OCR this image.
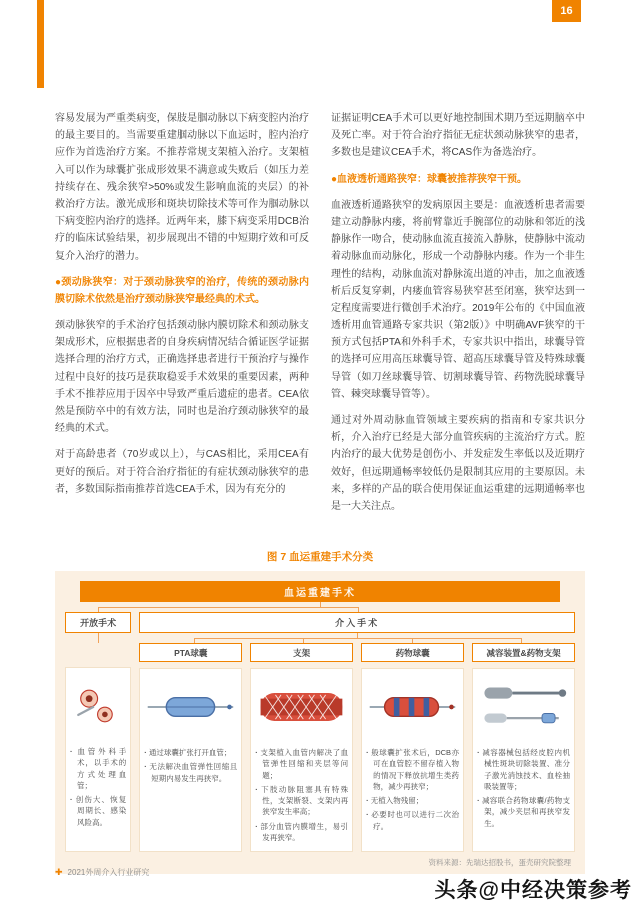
16

容易发展为严重类病变，保肢是腘动脉以下病变腔内治疗的最主要目的。当需要重建腘动脉以下血运时，腔内治疗应作为首选治疗方案。不推荐常规支架植入治疗。支架植入可以作为球囊扩张成形效果不满意或失败后（如压力差持续存在、残余狭窄>50%或发生影响血流的夹层）的补救治疗方法。激光成形和斑块切除技术等可作为腘动脉以下病变腔内治疗的选择。近两年来，膝下病变采用DCB治疗的临床试验结果，初步展现出不错的中短期疗效和可反复介入治疗的潜力。

●颈动脉狭窄：对于颈动脉狭窄的治疗，传统的颈动脉内膜切除术依然是治疗颈动脉狭窄最经典的术式。

颈动脉狭窄的手术治疗包括颈动脉内膜切除术和颈动脉支架成形术，应根据患者的自身疾病情况结合循证医学证据选择合理的治疗方式，正确选择患者进行干预治疗与操作过程中良好的技巧是获取稳妥手术效果的重要因素，两种手术不推荐应用于因卒中导致严重后遗症的患者。CEA依然是预防卒中的有效方法，同时也是治疗颈动脉狭窄的最经典的术式。

对于高龄患者（70岁或以上），与CAS相比，采用CEA有更好的预后。对于符合治疗指征的有症状颈动脉狭窄的患者，多数国际指南推荐首选CEA手术，因为有充分的

证据证明CEA手术可以更好地控制围术期乃至远期脑卒中及死亡率。对于符合治疗指征无症状颈动脉狭窄的患者，多数也是建议CEA手术，将CAS作为备选治疗。

●血液透析通路狭窄：球囊被推荐狭窄干预。

血液透析通路狭窄的发病原因主要是：血液透析患者需要建立动静脉内瘘，将前臂靠近手腕部位的动脉和邻近的浅静脉作一吻合，使动脉血流直接流入静脉，使静脉中流动着动脉血而动脉化，形成一个动静脉内瘘。作为一个非生理性的结构，动脉血流对静脉流出道的冲击，加之血液透析后反复穿刺，内瘘血管容易狭窄甚至闭塞，狭窄达到一定程度需要进行微创手术治疗。2019年公布的《中国血液透析用血管通路专家共识（第2版）》中明确AVF狭窄的干预方式包括PTA和外科手术，专家共识中指出，球囊导管的选择可应用高压球囊导管、超高压球囊导管及特殊球囊导管（如刀丝球囊导管、切割球囊导管、药物洗脱球囊导管、棘突球囊导管等）。

通过对外周动脉血管领域主要疾病的指南和专家共识分析，介入治疗已经是大部分血管疾病的主流治疗方式。腔内治疗的最大优势是创伤小、并发症发生率低以及近期疗效好，但远期通畅率较低仍是限制其应用的主要原因。未来，多样的产品的联合使用保证血运重建的远期通畅率也是一大关注点。

图 7 血运重建手术分类
血运重建手术
开放手术	介入手术
· 血管外科手术，以手术的方式处理血管；
· 创伤大、恢复周期长、感染风险高。
PTA球囊
· 通过球囊扩张打开血管；
· 无法解决血管弹性回缩且短期内易发生再狭窄。
支架
· 支架植入血管内解决了血管弹性回缩和夹层等问题；
· 下肢动脉阻塞具有特殊性，支架断裂、支架内再狭窄发生率高；
· 部分血管内膜增生，易引发再狭窄。
药物球囊
· 般球囊扩张术后，DCB亦可在血管腔不留存植入物的情况下释放抗增生类药物，减少再狭窄；
· 无植入物残留；
· 必要时也可以进行二次治疗。
减容装置&药物支架
· 减容器械包括经皮腔内机械性斑块切除装置、准分子激光消蚀技术、血栓抽吸装置等；
· 减容联合药物球囊/药物支架，减少夹层和再狭窄发生。
资料来源：先瑞达招股书，蛋壳研究院整理
✚ 2021外周介入行业研究
头条@中经决策参考
